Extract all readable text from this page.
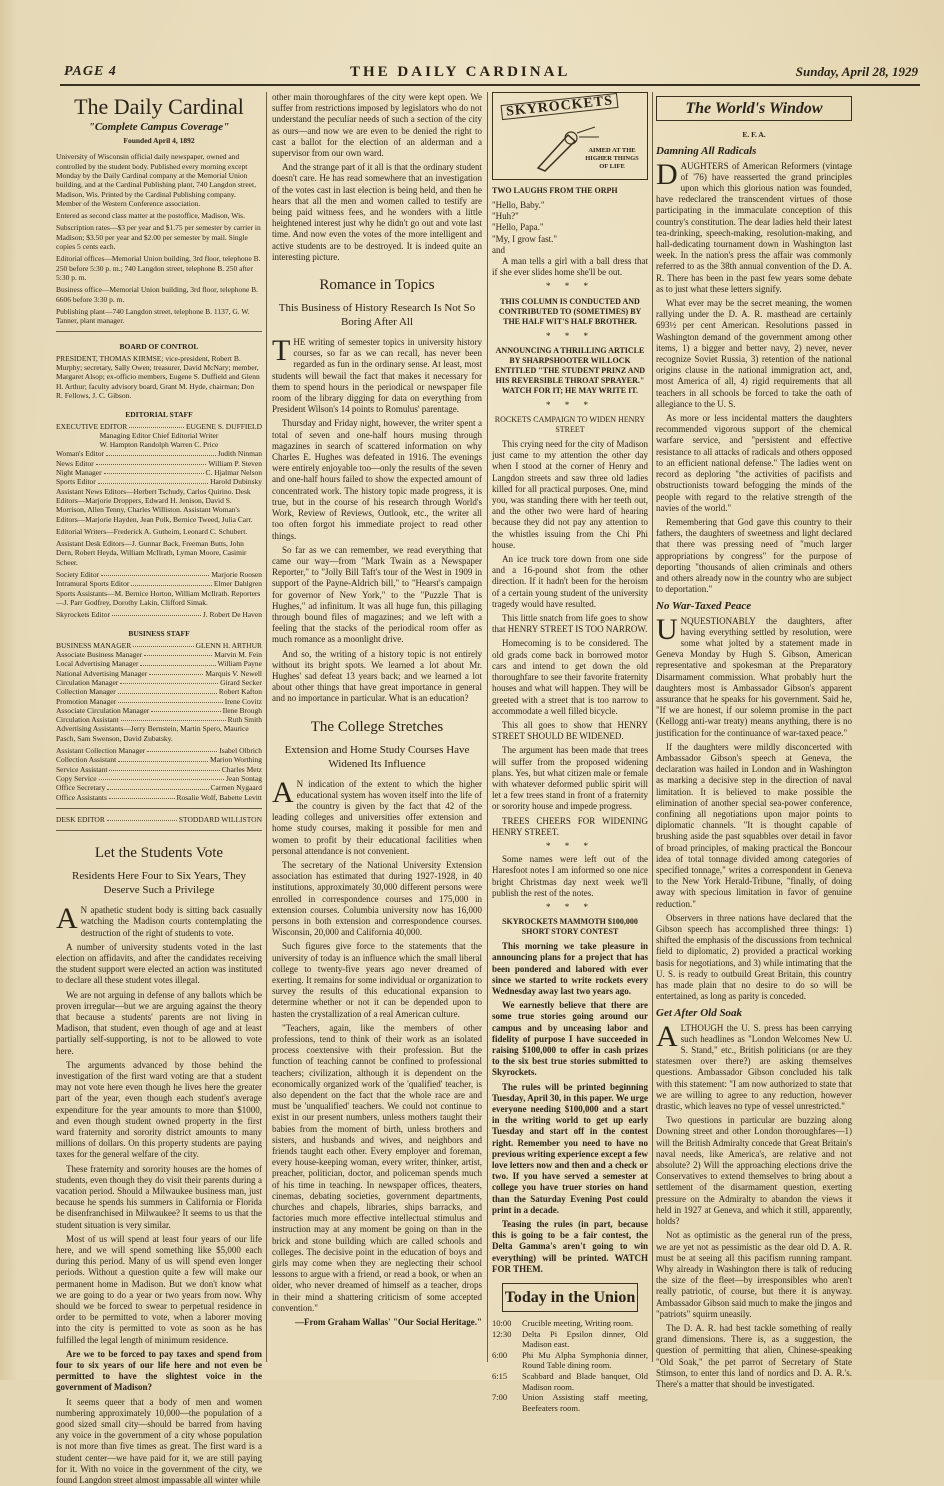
PAGE 4	THE DAILY CARDINAL	Sunday, April 28, 1929
The Daily Cardinal
"Complete Campus Coverage"
Founded April 4, 1892

University of Wisconsin official daily newspaper, owned and controlled by the student body. Published every morning except Monday by the Daily Cardinal company at the Memorial Union building, and at the Cardinal Publishing plant, 740 Langdon street, Madison, Wis. Printed by the Cardinal Publishing company. Member of the Western Conference association.

Entered as second class matter at the postoffice, Madison, Wis.

Subscription rates—$3 per year and $1.75 per semester by carrier in Madison; $3.50 per year and $2.00 per semester by mail. Single copies 5 cents each.

Editorial offices—Memorial Union building, 3rd floor, telephone B. 250 before 5:30 p. m.; 740 Langdon street, telephone B. 250 after 5:30 p. m.

Business office—Memorial Union building, 3rd floor, telephone B. 6606 before 3:30 p. m.

Publishing plant—740 Langdon street, telephone B. 1137, G. W. Tanner, plant manager.

BOARD OF CONTROL

PRESIDENT, THOMAS KIRMSE; vice-president, Robert B. Murphy; secretary, Sally Owen; treasurer, David McNary; member, Margaret Alsop; ex-officio members, Eugene S. Duffield and Glenn H. Arthur; faculty advisory board, Grant M. Hyde, chairman; Don R. Fellows, J. C. Gibson.

EDITORIAL STAFF
EXECUTIVE EDITOR	EUGENE S. DUFFIELD
Managing Editor Chief Editorial Writer
W. Hampton Randolph Warren C. Price
Woman's Editor	Judith Ninman
News Editor	William P. Steven
Night Manager	C. Hjalmar Nelson
Sports Editor	Harold Dubinsky

Assistant News Editors—Herbert Tschudy, Carlos Quirino. Desk Editors—Marjorie Droppers, Edward H. Jenison, David S. Morrison, Allen Tenny, Charles Williston. Assistant Woman's Editors—Marjorie Hayden, Jean Polk, Bernice Tweed, Julia Carr.

Editorial Writers—Frederick A. Gutheim, Leonard C. Schubert.

Assistant Desk Editors—J. Gunnar Back, Freeman Butts, John Dern, Robert Heyda, William McIlrath, Lyman Moore, Casimir Scheer.

Society Editor	Marjorie Roosen
Intramural Sports Editor	Elmer Dahlgren

Sports Assistants—M. Bernice Horton, William McIlrath. Reporters—J. Parr Godfrey, Dorothy Lakin, Clifford Simak.

Skyrockets Editor	J. Robert De Haven
BUSINESS STAFF
BUSINESS MANAGER	GLENN H. ARTHUR
Associate Business Manager	Marvin M. Fein
Local Advertising Manager	William Payne
National Advertising Manager	Marquis V. Newell
Circulation Manager	Girard Secker
Collection Manager	Robert Kafton
Promotion Manager	Irene Covitz
Associate Circulation Manager	Ilene Brough
Circulation Assistant	Ruth Smith

Advertising Assistants—Jerry Bernstein, Martin Spero, Maurice Pasch, Sam Swenson, David Zubatsky.

Assistant Collection Manager	Isabel Olbrich
Collection Assistant	Marion Worthing
Service Assistant	Charles Metz
Copy Service	Jean Sontag
Office Secretary	Carmen Nygaard
Office Assistants	Rosalie Wolf, Babette Levitt
DESK EDITOR	STODDARD WILLISTON
Let the Students Vote
Residents Here Four to Six Years, They Deserve Such a Privilege

A N apathetic student body is sitting back casually watching the Madison courts contemplating the destruction of the right of students to vote.

A number of university students voted in the last election on affidavits, and after the candidates receiving the student support were elected an action was instituted to declare all these student votes illegal.

We are not arguing in defense of any ballots which be proven irregular—but we are arguing against the theory that because a students' parents are not living in Madison, that student, even though of age and at least partially self-supporting, is not to be allowed to vote here.

The arguments advanced by those behind the investigation of the first ward voting are that a student may not vote here even though he lives here the greater part of the year, even though each student's average expenditure for the year amounts to more than $1000, and even though student owned property in the first ward fraternity and sorority district amounts to many millions of dollars. On this property students are paying taxes for the general welfare of the city.

These fraternity and sorority houses are the homes of students, even though they do visit their parents during a vacation period. Should a Milwaukee business man, just because he spends his summers in California or Florida be disenfranchised in Milwaukee? It seems to us that the student situation is very similar.

Most of us will spend at least four years of our life here, and we will spend something like $5,000 each during this period. Many of us will spend even longer periods. Without a question quite a few will make our permanent home in Madison. But we don't know what we are going to do a year or two years from now. Why should we be forced to swear to perpetual residence in order to be permitted to vote, when a laborer moving into the city is permitted to vote as soon as he has fulfilled the legal length of minimum residence.

Are we to be forced to pay taxes and spend from four to six years of our life here and not even be permitted to have the slightest voice in the government of Madison?

It seems queer that a body of men and women numbering approximately 10,000—the population of a good sized small city—should be barred from having any voice in the government of a city whose population is not more than five times as great. The first ward is a student center—we have paid for it, we are still paying for it. With no voice in the government of the city, we found Langdon street almost impassable all winter while

other main thoroughfares of the city were kept open. We suffer from restrictions imposed by legislators who do not understand the peculiar needs of such a section of the city as ours—and now we are even to be denied the right to cast a ballot for the election of an alderman and a supervisor from our own ward.

And the strange part of it all is that the ordinary student doesn't care. He has read somewhere that an investigation of the votes cast in last election is being held, and then he hears that all the men and women called to testify are being paid witness fees, and he wonders with a little heightened interest just why he didn't go out and vote last time. And now even the votes of the more intelligent and active students are to be destroyed. It is indeed quite an interesting picture.

Romance in Topics
This Business of History Research Is Not So Boring After All

THE writing of semester topics in university history courses, so far as we can recall, has never been regarded as fun in the ordinary sense. At least, most students will bewail the fact that makes it necessary for them to spend hours in the periodical or newspaper file room of the library digging for data on everything from President Wilson's 14 points to Romulus' parentage.

Thursday and Friday night, however, the writer spent a total of seven and one-half hours musing through magazines in search of scattered information on why Charles E. Hughes was defeated in 1916. The evenings were entirely enjoyable too—only the results of the seven and one-half hours failed to show the expected amount of concentrated work. The history topic made progress, it is true, but in the course of his research through World's Work, Review of Reviews, Outlook, etc., the writer all too often forgot his immediate project to read other things.

So far as we can remember, we read everything that came our way—from "Mark Twain as a Newspaper Reporter," to "Jolly Bill Taft's tour of the West in 1909 in support of the Payne-Aldrich bill," to "Hearst's campaign for governor of New York," to the "Puzzle That is Hughes," ad infinitum. It was all huge fun, this pillaging through bound files of magazines; and we left with a feeling that the stacks of the periodical room offer as much romance as a moonlight drive.

And so, the writing of a history topic is not entirely without its bright spots. We learned a lot about Mr. Hughes' sad defeat 13 years back; and we learned a lot about other things that have great importance in general and no importance in particular. What is an education?

The College Stretches
Extension and Home Study Courses Have Widened Its Influence

A N indication of the extent to which the higher educational system has woven itself into the life of the country is given by the fact that 42 of the leading colleges and universities offer extension and home study courses, making it possible for men and women to profit by their educational facilities when personal attendance is not convenient.

The secretary of the National University Extension association has estimated that during 1927-1928, in 40 institutions, approximately 30,000 different persons were enrolled in correspondence courses and 175,000 in extension courses. Columbia university now has 16,000 persons in both extension and correspondence courses. Wisconsin, 20,000 and California 40,000.

Such figures give force to the statements that the university of today is an influence which the small liberal college to twenty-five years ago never dreamed of exerting. It remains for some individual or organization to survey the results of this educational expansion to determine whether or not it can be depended upon to hasten the crystallization of a real American culture.

"Teachers, again, like the members of other professions, tend to think of their work as an isolated process coextensive with their profession. But the function of teaching cannot be confined to professional teachers; civilization, although it is dependent on the economically organized work of the 'qualified' teacher, is also dependent on the fact that the whole race are and must be 'unqualified' teachers. We could not continue to exist in our present numbers, unless mothers taught their babies from the moment of birth, unless brothers and sisters, and husbands and wives, and neighbors and friends taught each other. Every employer and foreman, every house-keeping woman, every writer, thinker, artist, preacher, politician, doctor, and policeman spends much of his time in teaching. In newspaper offices, theaters, cinemas, debating societies, government departments, churches and chapels, libraries, ships barracks, and factories much more effective intellectual stimulus and instruction may at any moment be going on than in the brick and stone building which are called schools and colleges. The decisive point in the education of boys and girls may come when they are neglecting their school lessons to argue with a friend, or read a book, or when an older, who never dreamed of himself as a teacher, drops in their mind a shattering criticism of some accepted convention."

—From Graham Wallas' "Our Social Heritage."

SKYROCKETS
AIMED AT THE HIGHER THINGS OF LIFE
TWO LAUGHS FROM THE ORPH
"Hello, Baby."
"Huh?"
"Hello, Papa."
"My, I grow fast."
and

A man tells a girl with a ball dress that if she ever slides home she'll be out.

* * *
THIS COLUMN IS CONDUCTED AND CONTRIBUTED TO (SOMETIMES) BY THE HALF WIT'S HALF BROTHER.
* * *
ANNOUNCING A THRILLING ARTICLE BY SHARPSHOOTER WILLOCK ENTITLED "THE STUDENT PRINZ AND HIS REVERSIBLE THROAT SPRAYER." WATCH FOR IT; HE MAY WRITE IT.
* * *
ROCKETS CAMPAIGN TO WIDEN HENRY STREET

This crying need for the city of Madison just came to my attention the other day when I stood at the corner of Henry and Langdon streets and saw three old ladies killed for all practical purposes. One, mind you, was standing there with her teeth out, and the other two were hard of hearing because they did not pay any attention to the whistles issuing from the Chi Phi house.

An ice truck tore down from one side and a 16-pound shot from the other direction. If it hadn't been for the heroism of a certain young student of the university tragedy would have resulted.

This little snatch from life goes to show that HENRY STREET IS TOO NARROW.

Homecoming is to be considered. The old grads come back in borrowed motor cars and intend to get down the old thoroughfare to see their favorite fraternity houses and what will happen. They will be greeted with a street that is too narrow to accommodate a well filled bicycle.

This all goes to show that HENRY STREET SHOULD BE WIDENED.

The argument has been made that trees will suffer from the proposed widening plans. Yes, but what citizen male or female with whatever deformed public spirit will let a few trees stand in front of a fraternity or sorority house and impede progress.

TREES CHEERS FOR WIDENING HENRY STREET.

* * *

Some names were left out of the Haresfoot notes I am informed so one nice bright Christmas day next week we'll publish the rest of the notes.

* * *
SKYROCKETS MAMMOTH $100,000 SHORT STORY CONTEST

This morning we take pleasure in announcing plans for a project that has been pondered and labored with ever since we started to write rockets every Wednesday away last two years ago.

We earnestly believe that there are some true stories going around our campus and by unceasing labor and fidelity of purpose I have succeeded in raising $100,000 to offer in cash prizes to the six best true stories submitted to Skyrockets.

The rules will be printed beginning Tuesday, April 30, in this paper. We urge everyone needing $100,000 and a start in the writing world to get up early Tuesday and start off in the contest right. Remember you need to have no previous writing experience except a few love letters now and then and a check or two. If you have served a semester at college you have truer stories on hand than the Saturday Evening Post could print in a decade.

Teasing the rules (in part, because this is going to be a fair contest, the Delta Gamma's aren't going to win everything) will be printed. WATCH FOR THEM.

Today in the Union
10:00	Crucible meeting, Writing room.
12:30	Delta Pi Epsilon dinner, Old Madison east.
6:00	Phi Mu Alpha Symphonia dinner, Round Table dining room.
6:15	Scabbard and Blade banquet, Old Madison room.
7:00	Union Assisting staff meeting, Beefeaters room.
The World's Window
E. F. A.
Damning All Radicals

DAUGHTERS of American Reformers (vintage of '76) have reasserted the grand principles upon which this glorious nation was founded, have redeclared the transcendent virtues of those participating in the immaculate conception of this country's constitution. The dear ladies held their latest tea-drinking, speech-making, resolution-making, and hall-dedicating tournament down in Washington last week. In the nation's press the affair was commonly referred to as the 38th annual convention of the D. A. R. There has been in the past few years some debate as to just what these letters signify.

What ever may be the secret meaning, the women rallying under the D. A. R. masthead are certainly 693½ per cent American. Resolutions passed in Washington demand of the government among other items, 1) a bigger and better navy, 2) never, never recognize Soviet Russia, 3) retention of the national origins clause in the national immigration act, and, most America of all, 4) rigid requirements that all teachers in all schools be forced to take the oath of allegiance to the U. S.

As more or less incidental matters the daughters recommended vigorous support of the chemical warfare service, and "persistent and effective resistance to all attacks of radicals and others opposed to an efficient national defense." The ladies went on record as deploring "the activities of pacifists and obstructionists toward befogging the minds of the people with regard to the relative strength of the navies of the world."

Remembering that God gave this country to their fathers, the daughters of sweetness and light declared that there was pressing need of "much larger appropriations by congress" for the purpose of deporting "thousands of alien criminals and others and others already now in the country who are subject to deportation."

No War-Taxed Peace

UNQUESTIONABLY the daughters, after having everything settled by resolution, were some what jolted by a statement made in Geneva Monday by Hugh S. Gibson, American representative and spokesman at the Preparatory Disarmament commission. What probably hurt the daughters most is Ambassador Gibson's apparent assurance that he speaks for his government. Said he, "If we are honest, if our solemn promise in the pact (Kellogg anti-war treaty) means anything, there is no justification for the continuance of war-taxed peace."

If the daughters were mildly disconcerted with Ambassador Gibson's speech at Geneva, the declaration was hailed in London and in Washington as marking a decisive step in the direction of naval limitation. It is believed to make possible the elimination of another special sea-power conference, confining all negotiations upon major points to diplomatic channels. "It is thought capable of brushing aside the past squabbles over detail in favor of broad principles, of making practical the Boncour idea of total tonnage divided among categories of specified tonnage," writes a correspondent in Geneva to the New York Herald-Tribune, "finally, of doing away with specious limitation in favor of genuine reduction."

Observers in three nations have declared that the Gibson speech has accomplished three things: 1) shifted the emphasis of the discussions from technical field to diplomatic, 2) provided a practical working basis for negotiations, and 3) while intimating that the U. S. is ready to outbuild Great Britain, this country has made plain that no desire to do so will be entertained, as long as parity is conceded.

Get After Old Soak

ALTHOUGH the U. S. press has been carrying such headlines as "London Welcomes New U. S. Stand," etc., British politicians (or are they statesmen over there?) are asking themselves questions. Ambassador Gibson concluded his talk with this statement: "I am now authorized to state that we are willing to agree to any reduction, however drastic, which leaves no type of vessel unrestricted."

Two questions in particular are buzzing along Downing street and other London thoroughfares—1) will the British Admiralty concede that Great Britain's naval needs, like America's, are relative and not absolute? 2) Will the approaching elections drive the Conservatives to extend themselves to bring about a settlement of the disarmament question, exerting pressure on the Admiralty to abandon the views it held in 1927 at Geneva, and which it still, apparently, holds?

Not as optimistic as the general run of the press, we are yet not as pessimistic as the dear old D. A. R. must be at seeing all this pacifism running rampant. Why already in Washington there is talk of reducing the size of the fleet—by irresponsibles who aren't really patriotic, of course, but there it is anyway. Ambassador Gibson said much to make the jingos and "patriots" squirm uneasily.

The D. A. R. had best tackle something of really grand dimensions. There is, as a suggestion, the question of permitting that alien, Chinese-speaking "Old Soak," the pet parrot of Secretary of State Stimson, to enter this land of nordics and D. A. R.'s. There's a matter that should be investigated.
